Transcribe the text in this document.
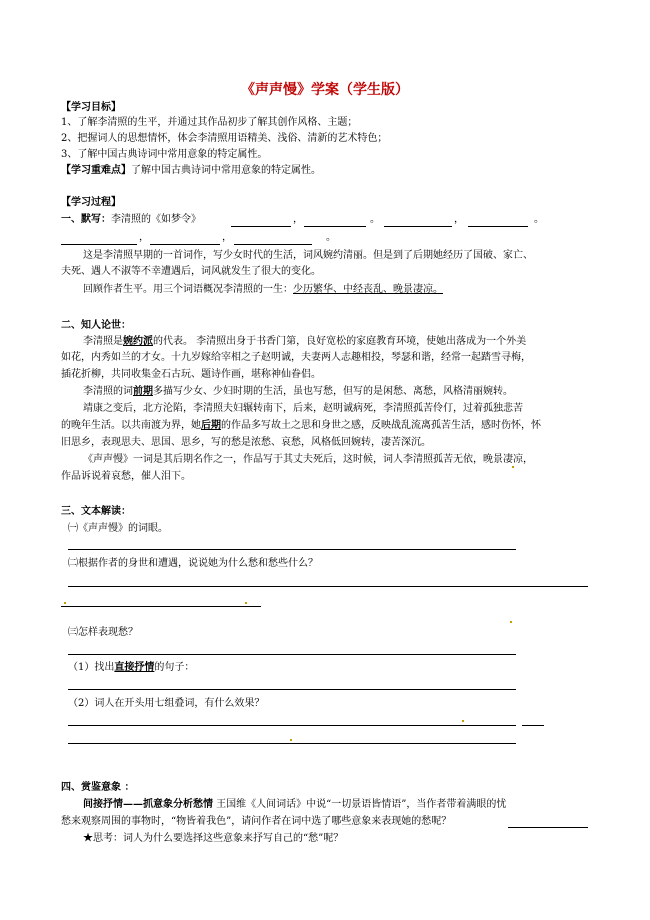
《声声慢》学案（学生版）
【学习目标】
1、了解李清照的生平，并通过其作品初步了解其创作风格、主题；
2、把握词人的思想情怀，体会李清照用语精美、浅俗、清新的艺术特色；
3、了解中国古典诗词中常用意象的特定属性。
【学习重难点】了解中国古典诗词中常用意象的特定属性。
【学习过程】
一、默写：李清照的《如梦令》	，	。	，	。
，	，	。
这是李清照早期的一首词作，写少女时代的生活，词风婉约清丽。但是到了后期她经历了国破、家亡、
夫死、遇人不淑等不幸遭遇后，词风就发生了很大的变化。
回顾作者生平。用三个词语概况李清照的一生：少历繁华、中经丧乱、晚景凄凉。
二、知人论世：
李清照是婉约派的代表。 李清照出身于书香门第，良好宽松的家庭教育环境，使她出落成为一个外美
如花，内秀如兰的才女。十九岁嫁给宰相之子赵明诚，夫妻两人志趣相投，琴瑟和谐，经常一起踏雪寻梅，
插花折柳，共同收集金石古玩、题诗作画，堪称神仙眷侣。
李清照的词前期多描写少女、少妇时期的生活，虽也写愁，但写的是闲愁、离愁，风格清丽婉转。
靖康之变后，北方沦陷，李清照夫妇辗转南下，后来，赵明诚病死，李清照孤苦伶仃，过着孤独悲苦
的晚年生活。以共南渡为界，她后期的作品多写故土之思和身世之感，反映战乱流离孤苦生活，感时伤怀，怀
旧思乡，表现思夫、思国、思乡，写的愁是浓愁、哀愁，风格低回婉转，凄苦深沉。
《声声慢》一词是其后期名作之一，作品写于其丈夫死后，这时候，词人李清照孤苦无依，晚景凄凉，
作品诉说着哀愁，催人泪下。
三、文本解读：
㈠《声声慢》的词眼。
㈡根据作者的身世和遭遇，说说她为什么愁和愁些什么？
㈢怎样表现愁？
（1）找出直接抒情的句子：
（2）词人在开头用七组叠词，有什么效果？
四、赏鉴意象 ：
间接抒情——抓意象分析愁情 王国维《人间词话》中说“一切景语皆情语”，当作者带着满眼的忧
愁来观察周围的事物时，“物皆着我色”，请问作者在词中选了哪些意象来表现她的愁呢？
★思考：词人为什么要选择这些意象来抒写自己的“愁”呢？
